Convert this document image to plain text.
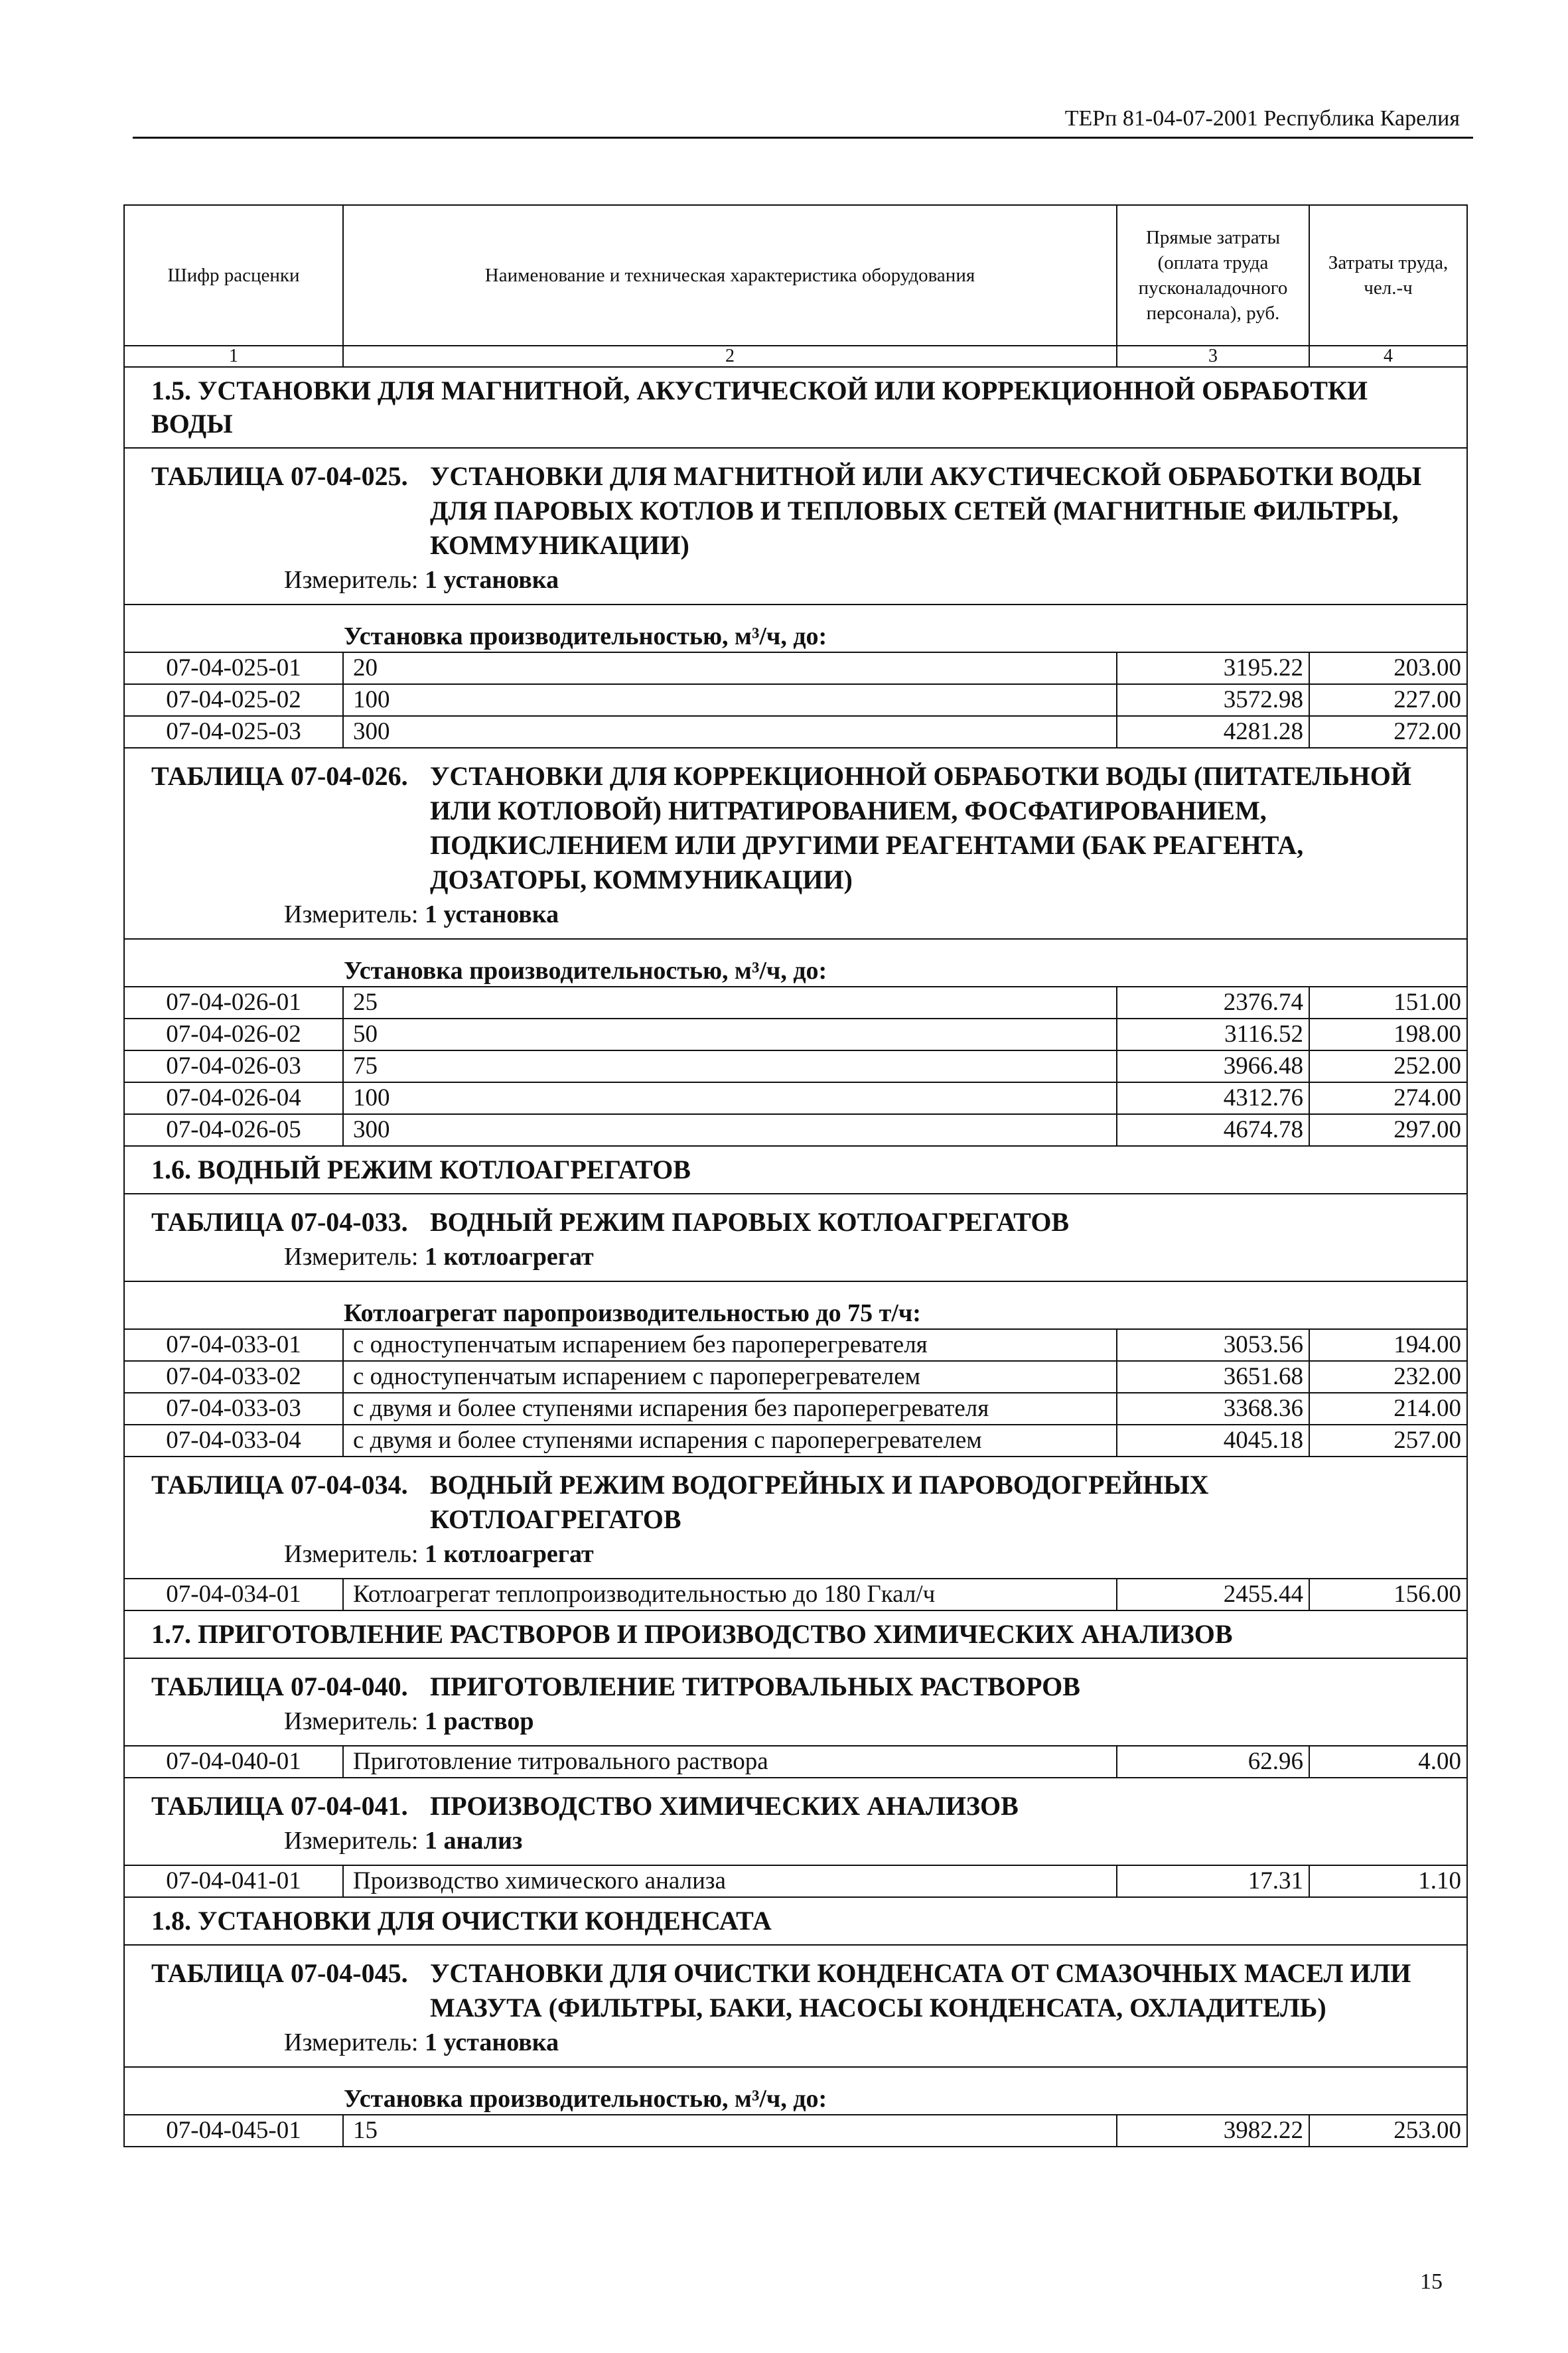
ТЕРп 81-04-07-2001 Республика Карелия
Шифр расценки	Наименование и техническая характеристика оборудования	Прямые затраты (оплата труда пусконаладочного персонала), руб.	Затраты труда, чел.-ч
1	2	3	4
1.5. УСТАНОВКИ ДЛЯ МАГНИТНОЙ, АКУСТИЧЕСКОЙ ИЛИ КОРРЕКЦИОННОЙ ОБРАБОТКИ ВОДЫ			

ТАБЛИЦА 07-04-025. УСТАНОВКИ ДЛЯ МАГНИТНОЙ ИЛИ АКУСТИЧЕСКОЙ ОБРАБОТКИ ВОДЫ ДЛЯ ПАРОВЫХ КОТЛОВ И ТЕПЛОВЫХ СЕТЕЙ (МАГНИТНЫЕ ФИЛЬТРЫ, КОММУНИКАЦИИ)
Измеритель: 1 установка			

Установка производительностью, м³/ч, до:			
07-04-025-01	20	3195.22	203.00
07-04-025-02	100	3572.98	227.00
07-04-025-03	300	4281.28	272.00

ТАБЛИЦА 07-04-026. УСТАНОВКИ ДЛЯ КОРРЕКЦИОННОЙ ОБРАБОТКИ ВОДЫ (ПИТАТЕЛЬНОЙ ИЛИ КОТЛОВОЙ) НИТРАТИРОВАНИЕМ, ФОСФАТИРОВАНИЕМ, ПОДКИСЛЕНИЕМ ИЛИ ДРУГИМИ РЕАГЕНТАМИ (БАК РЕАГЕНТА, ДОЗАТОРЫ, КОММУНИКАЦИИ)
Измеритель: 1 установка			

Установка производительностью, м³/ч, до:			
07-04-026-01	25	2376.74	151.00
07-04-026-02	50	3116.52	198.00
07-04-026-03	75	3966.48	252.00
07-04-026-04	100	4312.76	274.00
07-04-026-05	300	4674.78	297.00
1.6. ВОДНЫЙ РЕЖИМ КОТЛОАГРЕГАТОВ			

ТАБЛИЦА 07-04-033. ВОДНЫЙ РЕЖИМ ПАРОВЫХ КОТЛОАГРЕГАТОВ
Измеритель: 1 котлоагрегат			

Котлоагрегат паропроизводительностью до 75 т/ч:			
07-04-033-01	с одноступенчатым испарением без пароперегревателя	3053.56	194.00
07-04-033-02	с одноступенчатым испарением с пароперегревателем	3651.68	232.00
07-04-033-03	с двумя и более ступенями испарения без пароперегревателя	3368.36	214.00
07-04-033-04	с двумя и более ступенями испарения с пароперегревателем	4045.18	257.00

ТАБЛИЦА 07-04-034. ВОДНЫЙ РЕЖИМ ВОДОГРЕЙНЫХ И ПАРОВОДОГРЕЙНЫХ КОТЛОАГРЕГАТОВ
Измеритель: 1 котлоагрегат			

07-04-034-01	Котлоагрегат теплопроизводительностью до 180 Гкал/ч	2455.44	156.00
1.7. ПРИГОТОВЛЕНИЕ РАСТВОРОВ И ПРОИЗВОДСТВО ХИМИЧЕСКИХ АНАЛИЗОВ			

ТАБЛИЦА 07-04-040. ПРИГОТОВЛЕНИЕ ТИТРОВАЛЬНЫХ РАСТВОРОВ
Измеритель: 1 раствор			

07-04-040-01	Приготовление титровального раствора	62.96	4.00

ТАБЛИЦА 07-04-041. ПРОИЗВОДСТВО ХИМИЧЕСКИХ АНАЛИЗОВ
Измеритель: 1 анализ			

07-04-041-01	Производство химического анализа	17.31	1.10
1.8. УСТАНОВКИ ДЛЯ ОЧИСТКИ КОНДЕНСАТА			

ТАБЛИЦА 07-04-045. УСТАНОВКИ ДЛЯ ОЧИСТКИ КОНДЕНСАТА ОТ СМАЗОЧНЫХ МАСЕЛ ИЛИ МАЗУТА (ФИЛЬТРЫ, БАКИ, НАСОСЫ КОНДЕНСАТА, ОХЛАДИТЕЛЬ)
Измеритель: 1 установка			

Установка производительностью, м³/ч, до:			
07-04-045-01	15	3982.22	253.00
15
